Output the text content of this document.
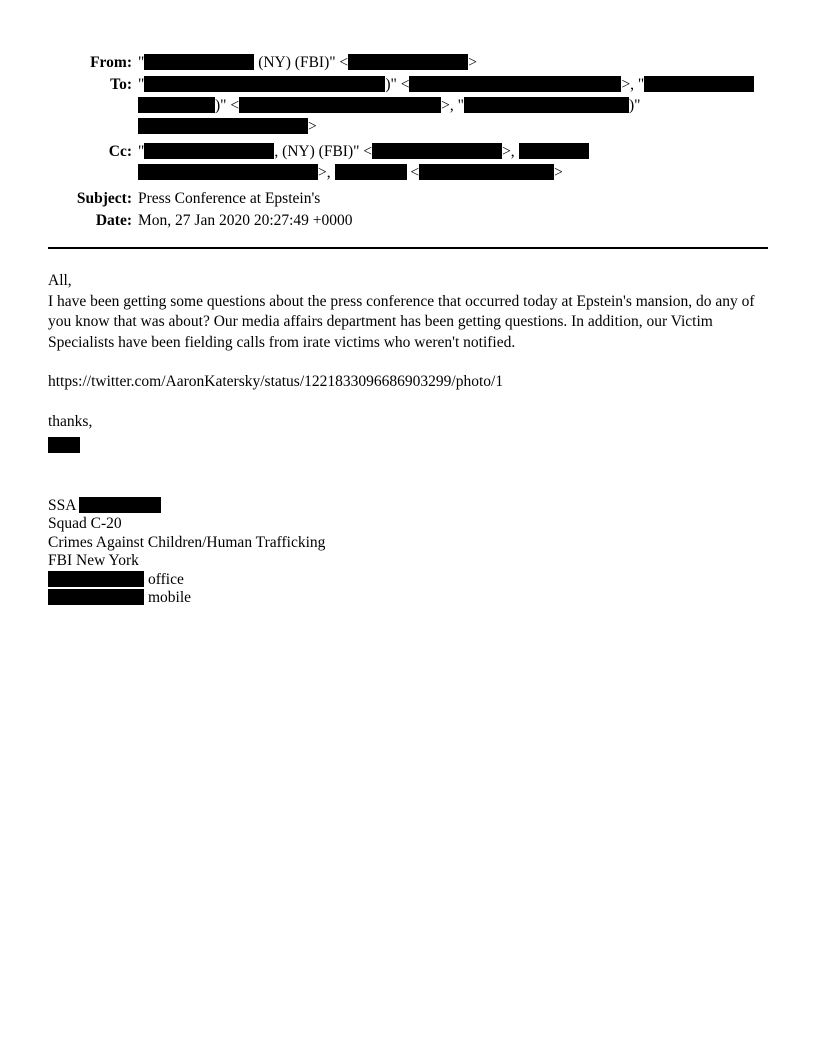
From: "	(NY) (FBI)" <	>
To: "	)" <	>, "
)" <	>, "	)"
>
Cc: "	, (NY) (FBI)" <	>,
>,	<	>
Subject: Press Conference at Epstein's
Date: Mon, 27 Jan 2020 20:27:49 +0000

All,

I have been getting some questions about the press conference that occurred today at Epstein's mansion, do any of you know that was about? Our media affairs department has been getting questions. In addition, our Victim Specialists have been fielding calls from irate victims who weren't notified.

https://twitter.com/AaronKatersky/status/1221833096686903299/photo/1

thanks,

SSA
Squad C-20
Crimes Against Children/Human Trafficking
FBI New York
office
mobile
